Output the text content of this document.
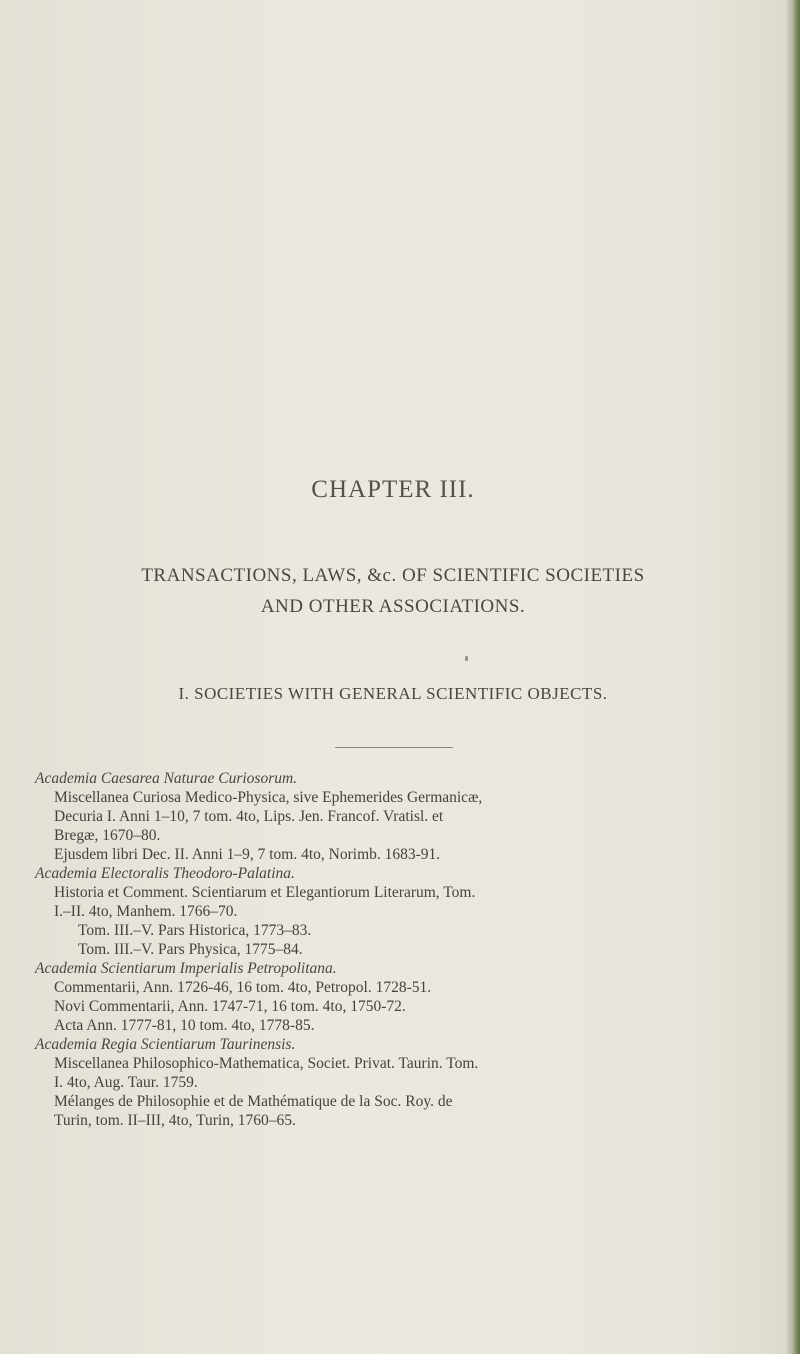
CHAPTER III.
TRANSACTIONS, LAWS, &c. OF SCIENTIFIC SOCIETIES
AND OTHER ASSOCIATIONS.
I. SOCIETIES WITH GENERAL SCIENTIFIC OBJECTS.
Academia Caesarea Naturae Curiosorum.
Miscellanea Curiosa Medico-Physica, sive Ephemerides Germanicæ,
Decuria I. Anni 1–10, 7 tom. 4to, Lips. Jen. Francof. Vratisl. et
Bregæ, 1670–80.
Ejusdem libri Dec. II. Anni 1–9, 7 tom. 4to, Norimb. 1683-91.
Academia Electoralis Theodoro-Palatina.
Historia et Comment. Scientiarum et Elegantiorum Literarum, Tom.
I.–II. 4to, Manhem. 1766–70.
Tom. III.–V. Pars Historica, 1773–83.
Tom. III.–V. Pars Physica, 1775–84.
Academia Scientiarum Imperialis Petropolitana.
Commentarii, Ann. 1726-46, 16 tom. 4to, Petropol. 1728-51.
Novi Commentarii, Ann. 1747-71, 16 tom. 4to, 1750-72.
Acta Ann. 1777-81, 10 tom. 4to, 1778-85.
Academia Regia Scientiarum Taurinensis.
Miscellanea Philosophico-Mathematica, Societ. Privat. Taurin. Tom.
I. 4to, Aug. Taur. 1759.
Mélanges de Philosophie et de Mathématique de la Soc. Roy. de
Turin, tom. II–III, 4to, Turin, 1760–65.
